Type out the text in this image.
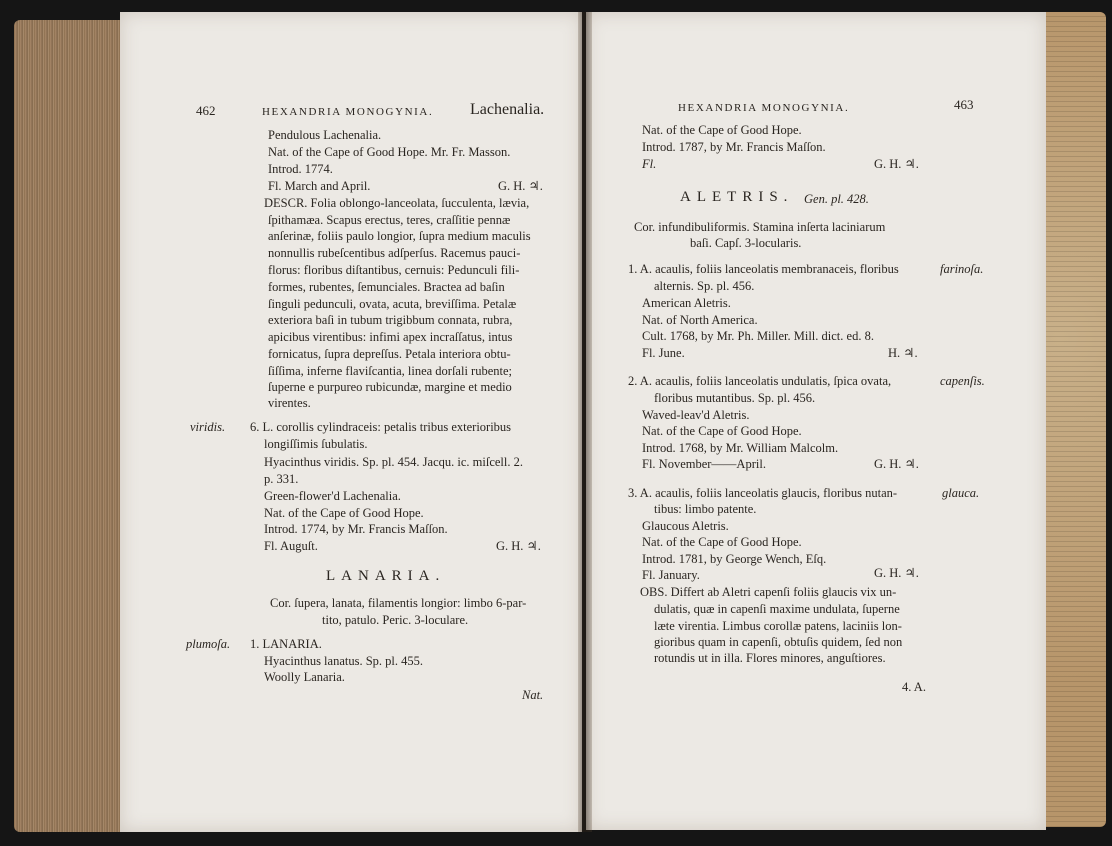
462	HEXANDRIA MONOGYNIA. Lachenalia.
Pendulous Lachenalia.
Nat. of the Cape of Good Hope. Mr. Fr. Masson.
Introd. 1774.
Fl. March and April.	G. H. ♃.
DESCR. Folia oblongo-lanceolata, ſucculenta, lævia,
ſpithamæa. Scapus erectus, teres, craſſitie pennæ
anſerinæ, foliis paulo longior, ſupra medium maculis
nonnullis rubeſcentibus adſperſus. Racemus pauci-
florus: floribus diſtantibus, cernuis: Pedunculi fili-
formes, rubentes, ſemunciales. Bractea ad baſin
ſinguli pedunculi, ovata, acuta, breviſſima. Petalæ
exteriora baſi in tubum trigibbum connata, rubra,
apicibus virentibus: infimi apex incraſſatus, intus
fornicatus, ſupra depreſſus. Petala interiora obtu-
ſiſſima, inferne flaviſcantia, linea dorſali rubente;
ſuperne e purpureo rubicundæ, margine et medio
virentes.
viridis. 6. L. corollis cylindraceis: petalis tribus exterioribus
longiſſimis ſubulatis.
Hyacinthus viridis. Sp. pl. 454. Jacqu. ic. miſcell. 2.
p. 331.
Green-flower'd Lachenalia.
Nat. of the Cape of Good Hope.
Introd. 1774, by Mr. Francis Maſſon.
Fl. Auguſt.	G. H. ♃.
LANARIA.
Cor. ſupera, lanata, filamentis longior: limbo 6-par-
tito, patulo. Peric. 3-loculare.
plumoſa. 1. LANARIA.
Hyacinthus lanatus. Sp. pl. 455.
Woolly Lanaria.
Nat.
HEXANDRIA MONOGYNIA.	463
Nat. of the Cape of Good Hope.
Introd. 1787, by Mr. Francis Maſſon.
Fl.	G. H. ♃.
ALETRIS. Gen. pl. 428.
Cor. infundibuliformis. Stamina inſerta laciniarum
baſi. Capſ. 3-locularis.
1. A. acaulis, foliis lanceolatis membranaceis, floribus	farinoſa.
alternis. Sp. pl. 456.
American Aletris.
Nat. of North America.
Cult. 1768, by Mr. Ph. Miller. Mill. dict. ed. 8.
Fl. June.	H. ♃.
2. A. acaulis, foliis lanceolatis undulatis, ſpica ovata,	capenſis.
floribus mutantibus. Sp. pl. 456.
Waved-leav'd Aletris.
Nat. of the Cape of Good Hope.
Introd. 1768, by Mr. William Malcolm.
Fl. November——April.	G. H. ♃.
3. A. acaulis, foliis lanceolatis glaucis, floribus nutan-	glauca.
tibus: limbo patente.
Glaucous Aletris.
Nat. of the Cape of Good Hope.
Introd. 1781, by George Wench, Eſq.
Fl. January.	G. H. ♃.
OBS. Differt ab Aletri capenſi foliis glaucis vix un-
dulatis, quæ in capenſi maxime undulata, ſuperne
læte virentia. Limbus corollæ patens, laciniis lon-
gioribus quam in capenſi, obtuſis quidem, ſed non
rotundis ut in illa. Flores minores, anguſtiores.
4. A.
